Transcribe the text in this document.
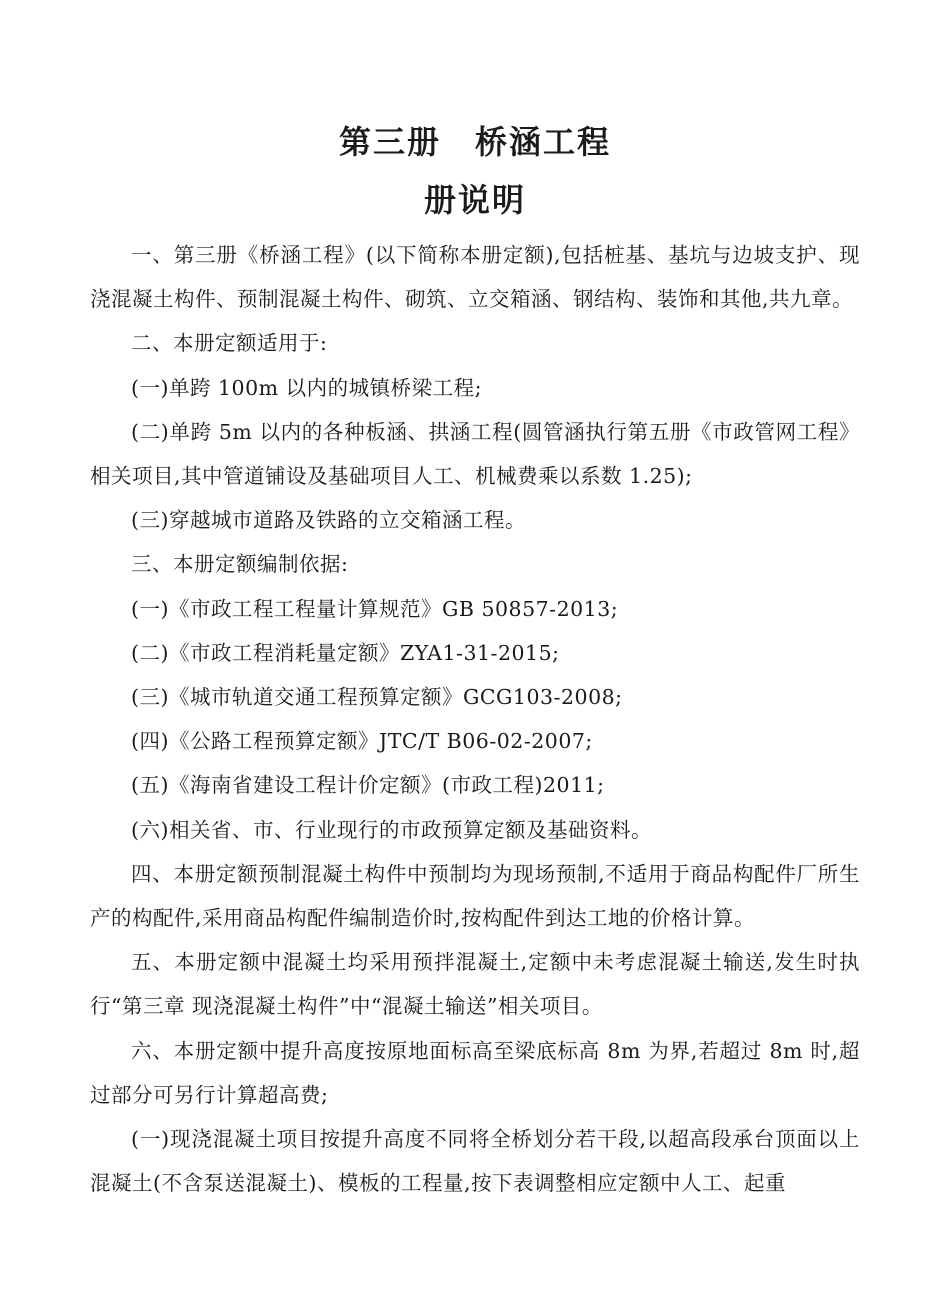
第三册　桥涵工程
册说明

一、第三册《桥涵工程》(以下简称本册定额),包括桩基、基坑与边坡支护、现浇混凝土构件、预制混凝土构件、砌筑、立交箱涵、钢结构、装饰和其他,共九章。

二、本册定额适用于:

(一)单跨 100m 以内的城镇桥梁工程;

(二)单跨 5m 以内的各种板涵、拱涵工程(圆管涵执行第五册《市政管网工程》相关项目,其中管道铺设及基础项目人工、机械费乘以系数 1.25);

(三)穿越城市道路及铁路的立交箱涵工程。

三、本册定额编制依据:

(一)《市政工程工程量计算规范》GB 50857-2013;

(二)《市政工程消耗量定额》ZYA1-31-2015;

(三)《城市轨道交通工程预算定额》GCG103-2008;

(四)《公路工程预算定额》JTC/T B06-02-2007;

(五)《海南省建设工程计价定额》(市政工程)2011;

(六)相关省、市、行业现行的市政预算定额及基础资料。

四、本册定额预制混凝土构件中预制均为现场预制,不适用于商品构配件厂所生产的构配件,采用商品构配件编制造价时,按构配件到达工地的价格计算。

五、本册定额中混凝土均采用预拌混凝土,定额中未考虑混凝土输送,发生时执行“第三章 现浇混凝土构件”中“混凝土输送”相关项目。

六、本册定额中提升高度按原地面标高至梁底标高 8m 为界,若超过 8m 时,超过部分可另行计算超高费;

(一)现浇混凝土项目按提升高度不同将全桥划分若干段,以超高段承台顶面以上混凝土(不含泵送混凝土)、模板的工程量,按下表调整相应定额中人工、起重
